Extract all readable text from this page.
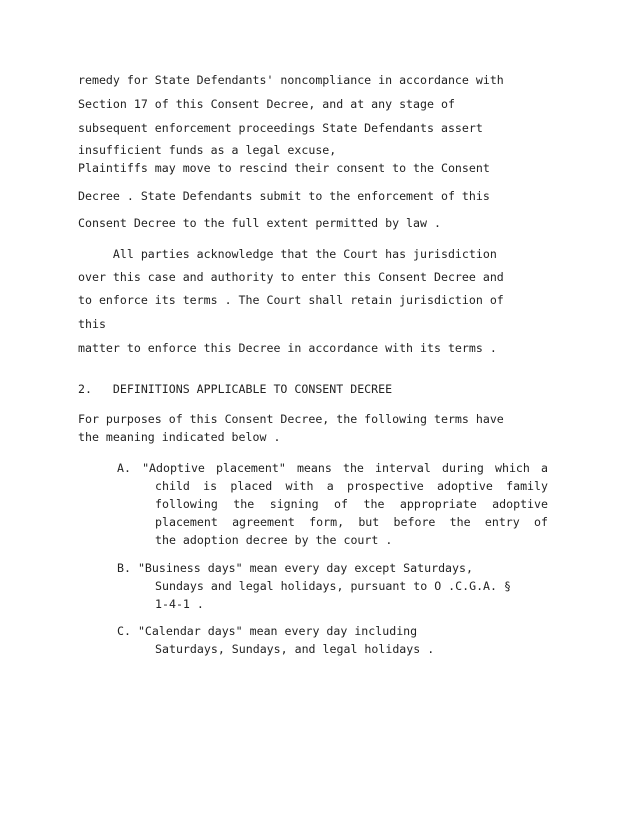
remedy for State Defendants' noncompliance in accordance with

Section 17 of this Consent Decree, and at any stage of

subsequent enforcement proceedings State Defendants assert

insufficient funds as a legal excuse,

Plaintiffs may move to rescind their consent to the Consent

Decree . State Defendants submit to the enforcement of this

Consent Decree to the full extent permitted by law .

All parties acknowledge that the Court has jurisdiction

over this case and authority to enter this Consent Decree and

to enforce its terms . The Court shall retain jurisdiction of

this

matter to enforce this Decree in accordance with its terms .

2.   DEFINITIONS APPLICABLE TO CONSENT DECREE

For purposes of this Consent Decree, the following terms have

the meaning indicated below .

A. "Adoptive placement" means the interval during which a

child is placed with a prospective adoptive family

following the signing of the appropriate adoptive

placement agreement form, but before the entry of

the adoption decree by the court .

B. "Business days" mean every day except Saturdays,

Sundays and legal holidays, pursuant to O .C.G.A. §

1-4-1 .

C. "Calendar days" mean every day including

Saturdays, Sundays, and legal holidays .
